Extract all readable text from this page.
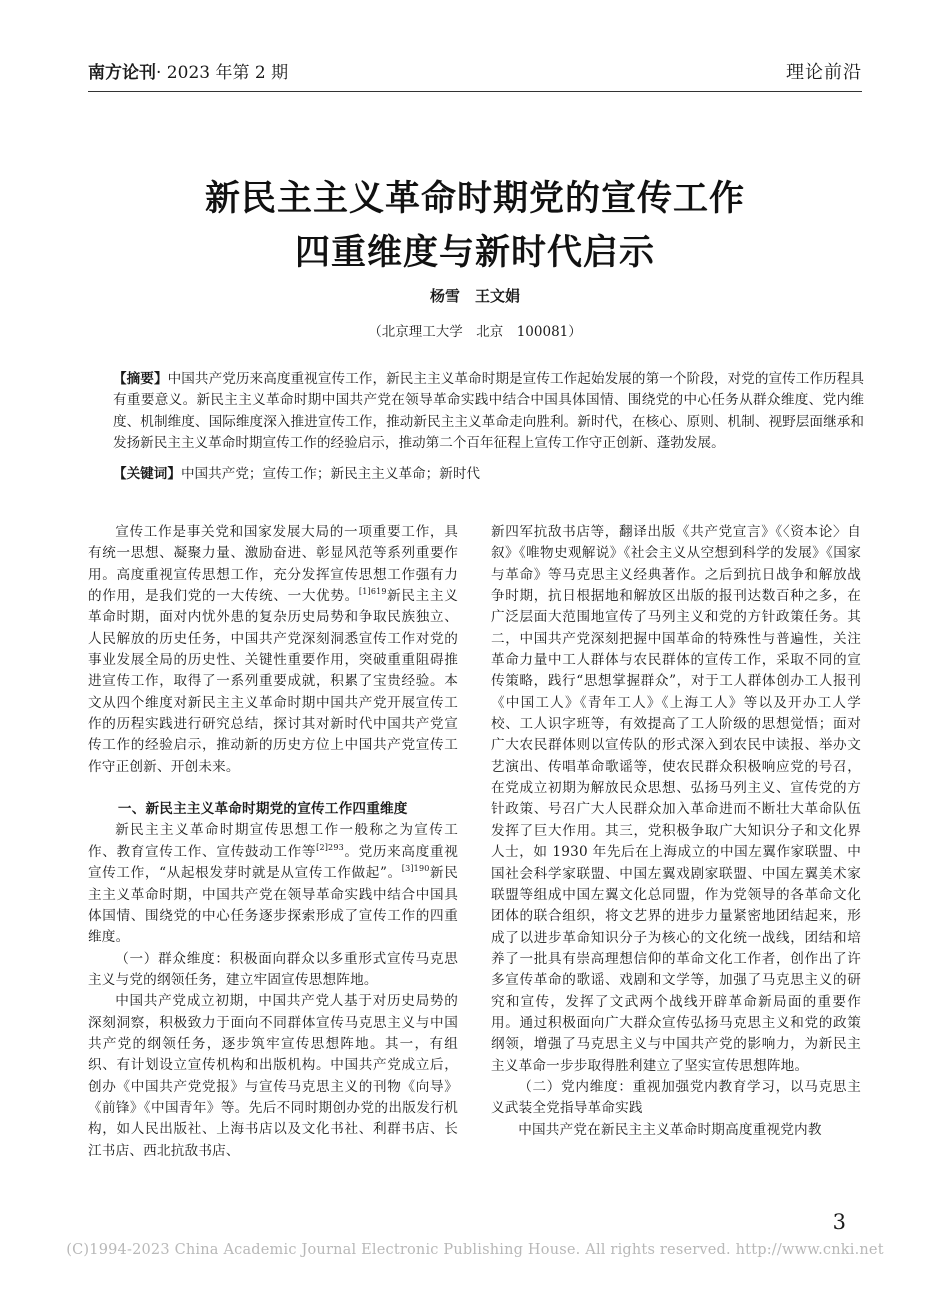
南方论刊· 2023 年第 2 期	理论前沿
新民主主义革命时期党的宣传工作
四重维度与新时代启示
杨雪　王文娟
（北京理工大学　北京　100081）
【摘要】中国共产党历来高度重视宣传工作，新民主主义革命时期是宣传工作起始发展的第一个阶段，对党的宣传工作历程具有重要意义。新民主主义革命时期中国共产党在领导革命实践中结合中国具体国情、围绕党的中心任务从群众维度、党内维度、机制维度、国际维度深入推进宣传工作，推动新民主主义革命走向胜利。新时代，在核心、原则、机制、视野层面继承和发扬新民主主义革命时期宣传工作的经验启示，推动第二个百年征程上宣传工作守正创新、蓬勃发展。
【关键词】中国共产党；宣传工作；新民主主义革命；新时代

宣传工作是事关党和国家发展大局的一项重要工作，具有统一思想、凝聚力量、激励奋进、彰显风范等系列重要作用。高度重视宣传思想工作，充分发挥宣传思想工作强有力的作用，是我们党的一大传统、一大优势。$^{[1]619}$新民主主义革命时期，面对内忧外患的复杂历史局势和争取民族独立、人民解放的历史任务，中国共产党深刻洞悉宣传工作对党的事业发展全局的历史性、关键性重要作用，突破重重阻碍推进宣传工作，取得了一系列重要成就，积累了宝贵经验。本文从四个维度对新民主主义革命时期中国共产党开展宣传工作的历程实践进行研究总结，探讨其对新时代中国共产党宣传工作的经验启示，推动新的历史方位上中国共产党宣传工作守正创新、开创未来。

一、新民主主义革命时期党的宣传工作四重维度

新民主主义革命时期宣传思想工作一般称之为宣传工作、教育宣传工作、宣传鼓动工作等$^{[2]293}$。党历来高度重视宣传工作，“从起根发芽时就是从宣传工作做起”。$^{[3]190}$新民主主义革命时期，中国共产党在领导革命实践中结合中国具体国情、围绕党的中心任务逐步探索形成了宣传工作的四重维度。

（一）群众维度：积极面向群众以多重形式宣传马克思主义与党的纲领任务，建立牢固宣传思想阵地。

中国共产党成立初期，中国共产党人基于对历史局势的深刻洞察，积极致力于面向不同群体宣传马克思主义与中国共产党的纲领任务，逐步筑牢宣传思想阵地。其一，有组织、有计划设立宣传机构和出版机构。中国共产党成立后，创办《中国共产党党报》与宣传马克思主义的刊物《向导》《前锋》《中国青年》等。先后不同时期创办党的出版发行机构，如人民出版社、上海书店以及文化书社、利群书店、长江书店、西北抗敌书店、

新四军抗敌书店等，翻译出版《共产党宣言》《〈资本论〉自叙》《唯物史观解说》《社会主义从空想到科学的发展》《国家与革命》等马克思主义经典著作。之后到抗日战争和解放战争时期，抗日根据地和解放区出版的报刊达数百种之多，在广泛层面大范围地宣传了马列主义和党的方针政策任务。其二，中国共产党深刻把握中国革命的特殊性与普遍性，关注革命力量中工人群体与农民群体的宣传工作，采取不同的宣传策略，践行“思想掌握群众”，对于工人群体创办工人报刊《中国工人》《青年工人》《上海工人》等以及开办工人学校、工人识字班等，有效提高了工人阶级的思想觉悟；面对广大农民群体则以宣传队的形式深入到农民中读报、举办文艺演出、传唱革命歌谣等，使农民群众积极响应党的号召，在党成立初期为解放民众思想、弘扬马列主义、宣传党的方针政策、号召广大人民群众加入革命进而不断壮大革命队伍发挥了巨大作用。其三，党积极争取广大知识分子和文化界人士，如 1930 年先后在上海成立的中国左翼作家联盟、中国社会科学家联盟、中国左翼戏剧家联盟、中国左翼美术家联盟等组成中国左翼文化总同盟，作为党领导的各革命文化团体的联合组织，将文艺界的进步力量紧密地团结起来，形成了以进步革命知识分子为核心的文化统一战线，团结和培养了一批具有崇高理想信仰的革命文化工作者，创作出了许多宣传革命的歌谣、戏剧和文学等，加强了马克思主义的研究和宣传，发挥了文武两个战线开辟革命新局面的重要作用。通过积极面向广大群众宣传弘扬马克思主义和党的政策纲领，增强了马克思主义与中国共产党的影响力，为新民主主义革命一步步取得胜利建立了坚实宣传思想阵地。

（二）党内维度：重视加强党内教育学习，以马克思主义武装全党指导革命实践

中国共产党在新民主主义革命时期高度重视党内教

3
(C)1994-2023 China Academic Journal Electronic Publishing House. All rights reserved. http://www.cnki.net
